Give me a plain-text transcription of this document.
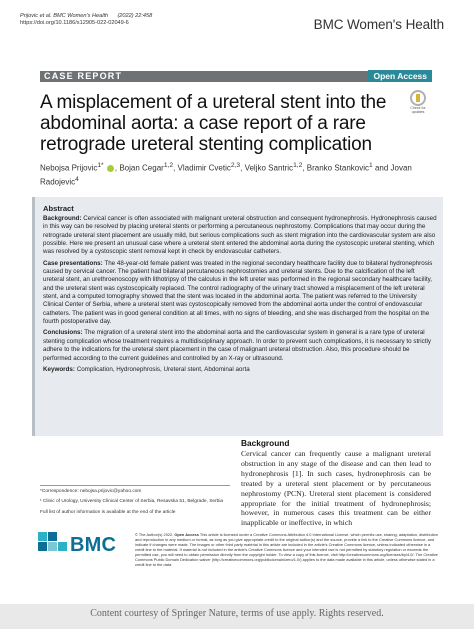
Prijovic et al. BMC Women's Health (2022) 22:458
https://doi.org/10.1186/s12905-022-02049-6	BMC Women's Health
CASE REPORT	Open Access
Check for
updates
A misplacement of a ureteral stent into the abdominal aorta: a case report of a rare retrograde ureteral stenting complication
Nebojsa Prijovic$^{1*}$ , Bojan Cegar$^{1,2}$, Vladimir Cvetic$^{2,3}$, Veljko Santric$^{1,2}$, Branko Stankovic$^1$ and Jovan Radojevic$^4$
Abstract

Background: Cervical cancer is often associated with malignant ureteral obstruction and consequent hydronephrosis. Hydronephrosis caused in this way can be resolved by placing ureteral stents or performing a percutaneous nephrostomy. Complications that may occur during the retrograde ureteral stent placement are usually mild, but serious complications such as stent migration into the cardiovascular system are also possible. Here we present an unusual case where a ureteral stent entered the abdominal aorta during the cystoscopic ureteral stenting, which was resolved by a cystoscopic stent removal kept in check by endovascular catheters.

Case presentations: The 48-year-old female patient was treated in the regional secondary healthcare facility due to bilateral hydronephrosis caused by cervical cancer. The patient had bilateral percutaneous nephrostomies and ureteral stents. Due to the calcification of the left ureteral stent, an urethroenoscopy with lithotripsy of the calculus in the left ureter was performed in the regional secondary healthcare facility, and the ureteral stent was cystoscopically replaced. The control radiography of the urinary tract showed a misplacement of the left ureteral stent, and a computed tomography showed that the stent was located in the abdominal aorta. The patient was referred to the University Clinical Center of Serbia, where a ureteral stent was cystoscopically removed from the abdominal aorta under the control of endovascular catheters. The patient was in good general condition at all times, with no signs of bleeding, and she was discharged from the hospital on the fourth postoperative day.

Conclusions: The migration of a ureteral stent into the abdominal aorta and the cardiovascular system in general is a rare type of ureteral stenting complication whose treatment requires a multidisciplinary approach. In order to prevent such complications, it is necessary to strictly adhere to the indications for the ureteral stent placement in the case of malignant ureteral obstruction. Also, this procedure should be performed according to the current guidelines and controlled by an X-ray or ultrasound.

Keywords: Complication, Hydronephrosis, Ureteral stent, Abdominal aorta

Background
Cervical cancer can frequently cause a malignant ureteral obstruction in any stage of the disease and can then lead to hydronephrosis [1]. In such cases, hydronephrosis can be treated by a ureteral stent placement or by percutaneous nephrostomy (PCN). Ureteral stent placement is considered appropriate for the initial treatment of hydronephrosis; however, in numerous cases this treatment can be either inapplicable or ineffective, in which

*Correspondence: nebojsa.prijovic@yahoo.com

¹ Clinic of Urology, University Clinical Center of Serbia, Resavska 51, Belgrade, Serbia

Full list of author information is available at the end of the article

BMC	© The Author(s) 2022. Open Access This article is licensed under a Creative Commons Attribution 4.0 International License, which permits use, sharing, adaptation, distribution and reproduction in any medium or format, as long as you give appropriate credit to the original author(s) and the source, provide a link to the Creative Commons licence, and indicate if changes were made. The images or other third party material in this article are included in the article's Creative Commons licence, unless indicated otherwise in a credit line to the material. If material is not included in the article's Creative Commons licence and your intended use is not permitted by statutory regulation or exceeds the permitted use, you will need to obtain permission directly from the copyright holder. To view a copy of this licence, visit http://creativecommons.org/licenses/by/4.0/. The Creative Commons Public Domain Dedication waiver (http://creativecommons.org/publicdomain/zero/1.0/) applies to the data made available in this article, unless otherwise stated in a credit line to the data.
Content courtesy of Springer Nature, terms of use apply. Rights reserved.
